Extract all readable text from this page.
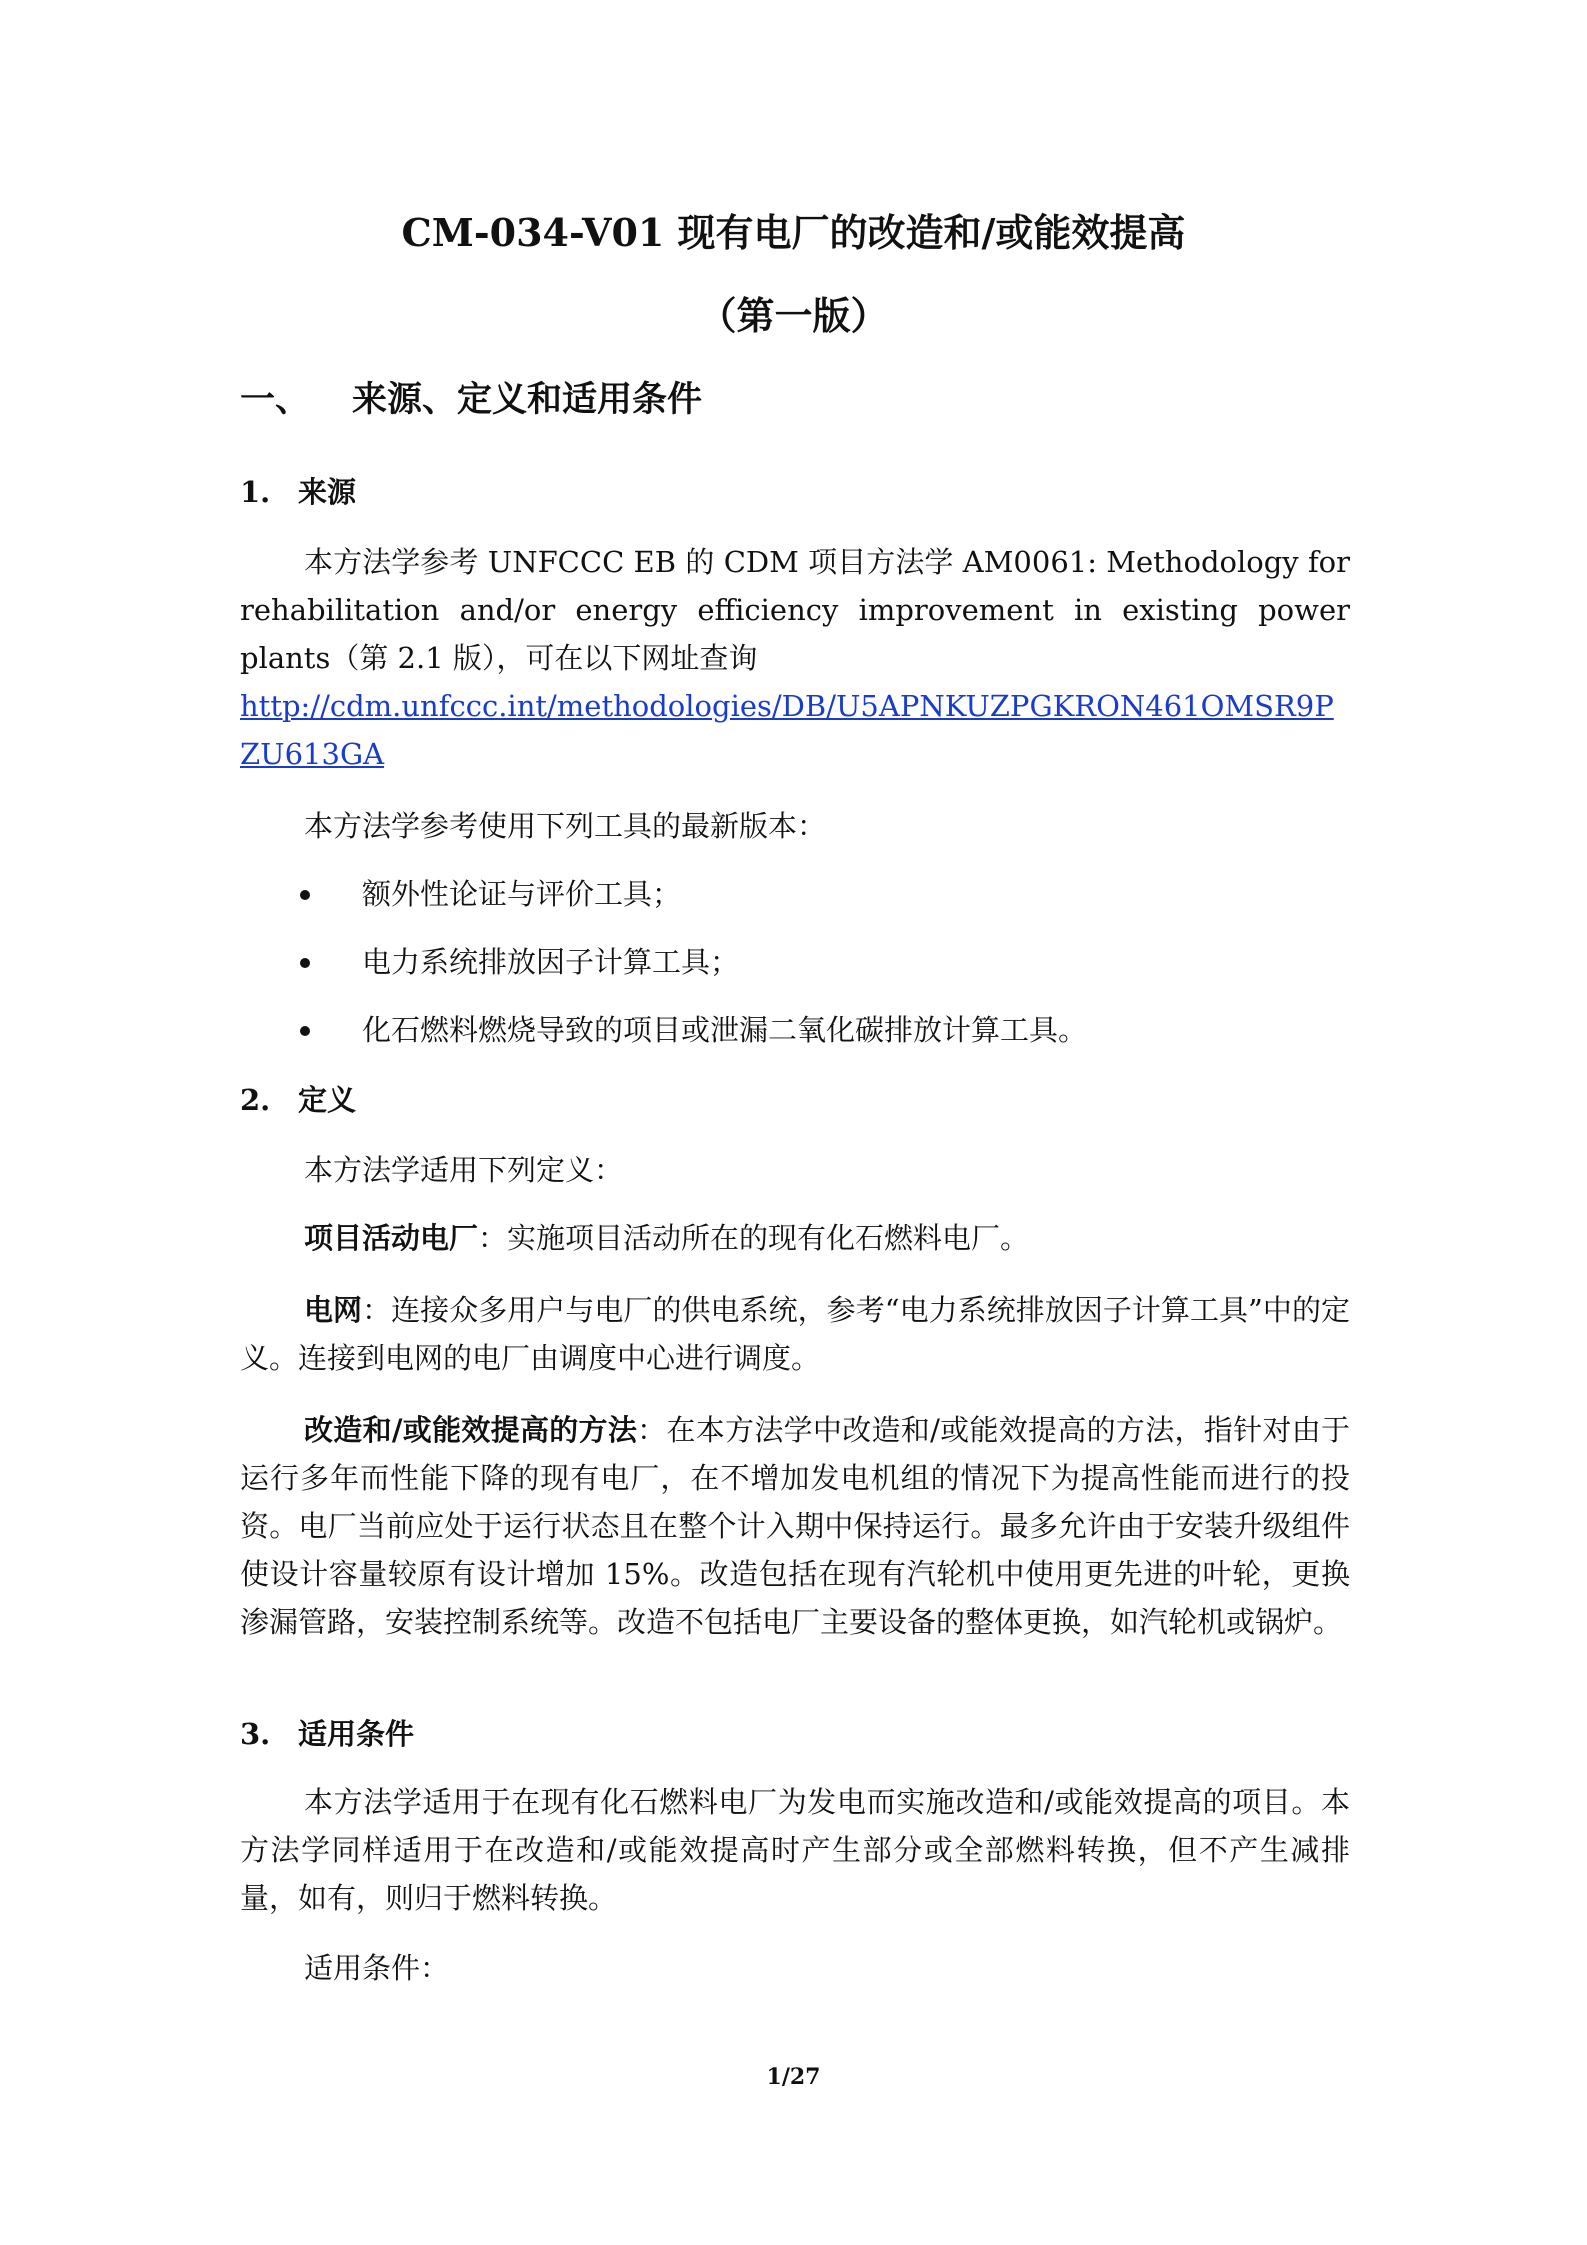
CM-034-V01 现有电厂的改造和/或能效提高
（第一版）
一、 来源、定义和适用条件
1. 来源
本方法学参考 UNFCCC EB 的 CDM 项目方法学 AM0061: Methodology for rehabilitation and/or energy efficiency improvement in existing power plants（第 2.1 版），可在以下网址查询
http://cdm.unfccc.int/methodologies/DB/U5APNKUZPGKRON461OMSR9PZU613GA
本方法学参考使用下列工具的最新版本：
额外性论证与评价工具；
电力系统排放因子计算工具；
化石燃料燃烧导致的项目或泄漏二氧化碳排放计算工具。
2. 定义
本方法学适用下列定义：
项目活动电厂：实施项目活动所在的现有化石燃料电厂。
电网：连接众多用户与电厂的供电系统，参考“电力系统排放因子计算工具”中的定义。连接到电网的电厂由调度中心进行调度。
改造和/或能效提高的方法：在本方法学中改造和/或能效提高的方法，指针对由于运行多年而性能下降的现有电厂，在不增加发电机组的情况下为提高性能而进行的投资。电厂当前应处于运行状态且在整个计入期中保持运行。最多允许由于安装升级组件使设计容量较原有设计增加 15%。改造包括在现有汽轮机中使用更先进的叶轮，更换渗漏管路，安装控制系统等。改造不包括电厂主要设备的整体更换，如汽轮机或锅炉。
3. 适用条件
本方法学适用于在现有化石燃料电厂为发电而实施改造和/或能效提高的项目。本方法学同样适用于在改造和/或能效提高时产生部分或全部燃料转换，但不产生减排量，如有，则归于燃料转换。
适用条件：
1/27
